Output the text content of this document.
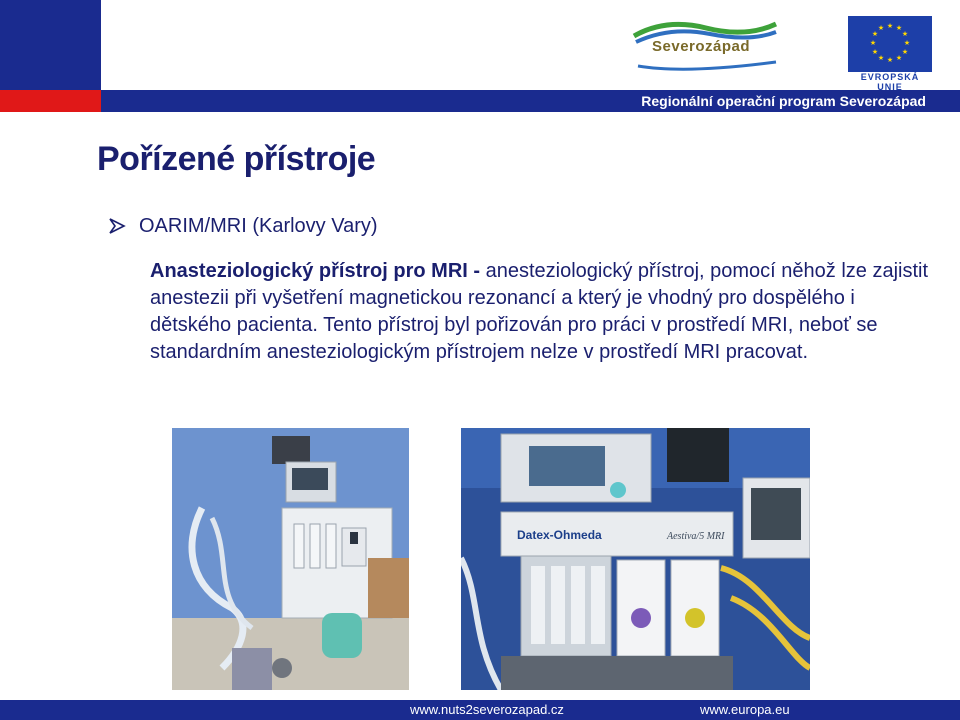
Regionální operační program Severozápad
Severozápad
★ ★
★
★
★
★
★
★
★
★
★
★
EVROPSKÁ UNIE
Pořízené přístroje
OARIM/MRI (Karlovy Vary)

Anasteziologický přístroj pro MRI - anesteziologický přístroj, pomocí něhož lze zajistit anestezii při vyšetření magnetickou rezonancí a který je vhodný pro dospělého i dětského pacienta. Tento přístroj byl pořizován pro práci v prostředí MRI, neboť se standardním anesteziologickým přístrojem nelze v prostředí MRI pracovat.

Datex-Ohmeda	Aestiva/5 MRI
www.nuts2severozapad.cz	www.europa.eu
